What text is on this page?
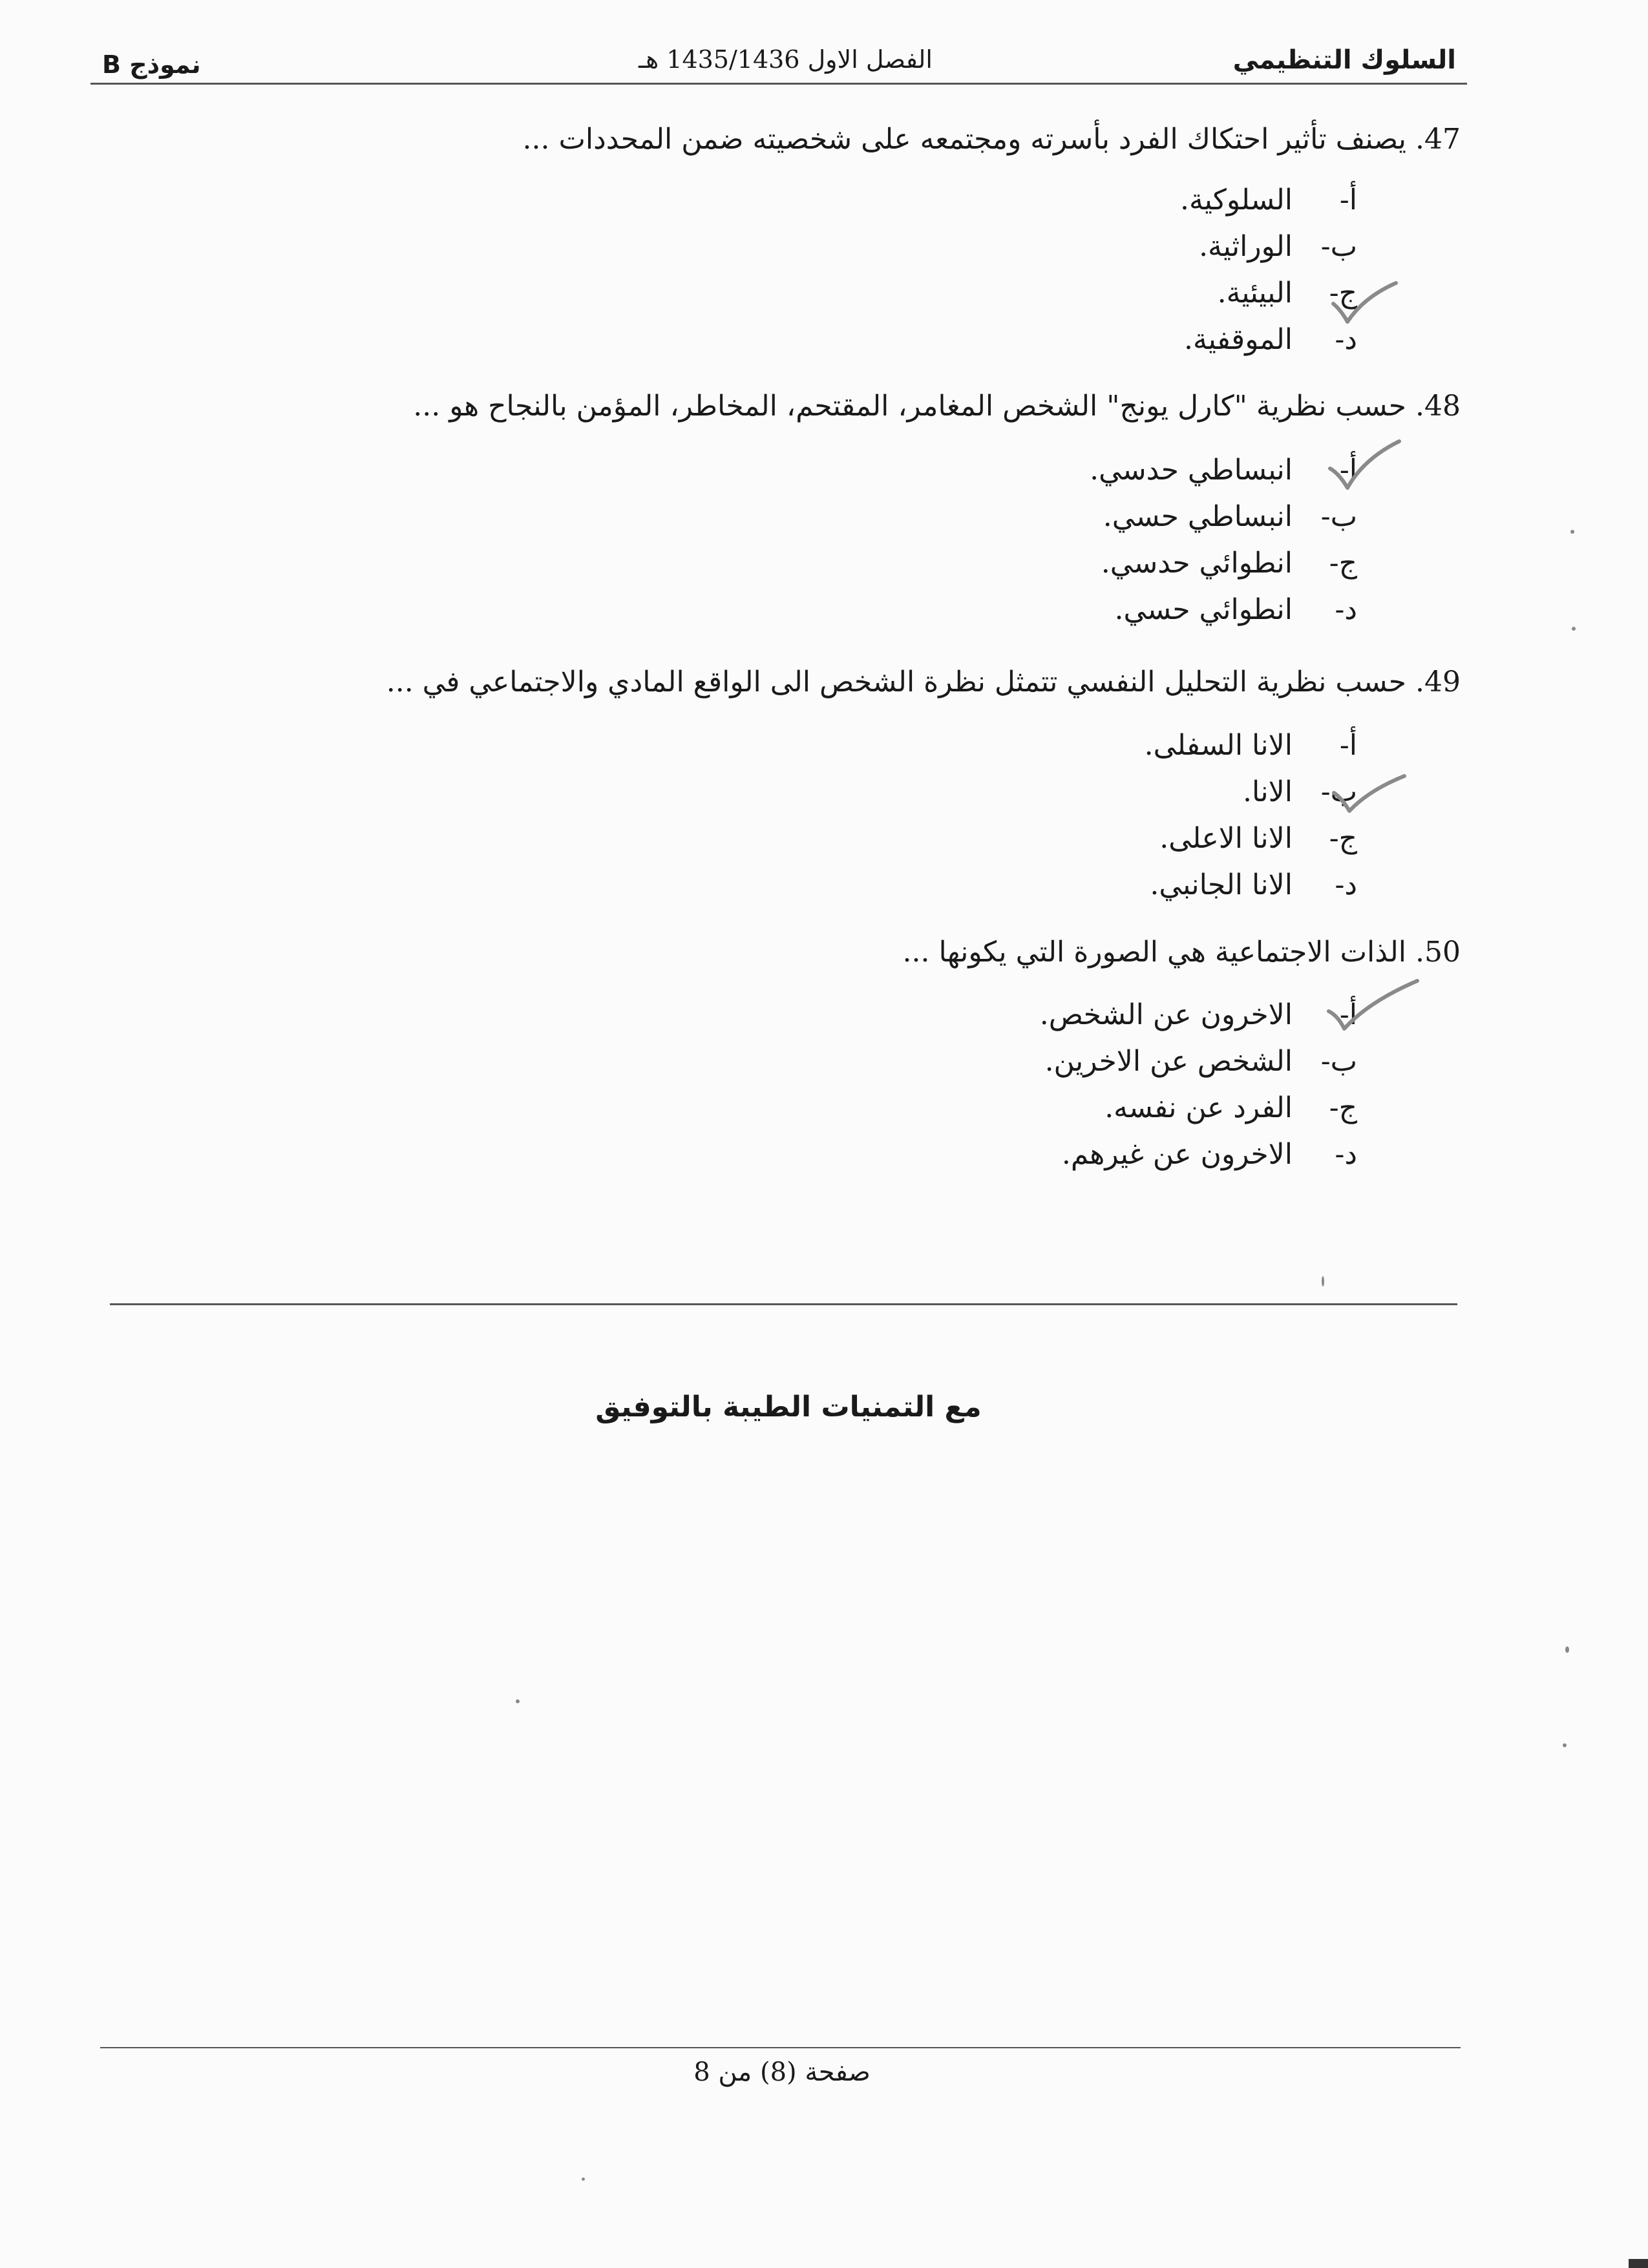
السلوك التنظيمي
الفصل الاول 1435/1436 هـ
نموذج B
47. يصنف تأثير احتكاك الفرد بأسرته ومجتمعه على شخصيته ضمن المحددات ...
أ-السلوكية.
ب-الوراثية.
ج-البيئية.
د-الموقفية.
48. حسب نظرية "كارل يونج" الشخص المغامر، المقتحم، المخاطر، المؤمن بالنجاح هو ...
أ-انبساطي حدسي.
ب-انبساطي حسي.
ج-انطوائي حدسي.
د-انطوائي حسي.
49. حسب نظرية التحليل النفسي تتمثل نظرة الشخص الى الواقع المادي والاجتماعي في ...
أ-الانا السفلى.
ب-الانا.
ج-الانا الاعلى.
د-الانا الجانبي.
50. الذات الاجتماعية هي الصورة التي يكونها ...
أ-الاخرون عن الشخص.
ب-الشخص عن الاخرين.
ج-الفرد عن نفسه.
د-الاخرون عن غيرهم.
مع التمنيات الطيبة بالتوفيق
صفحة (8) من 8
